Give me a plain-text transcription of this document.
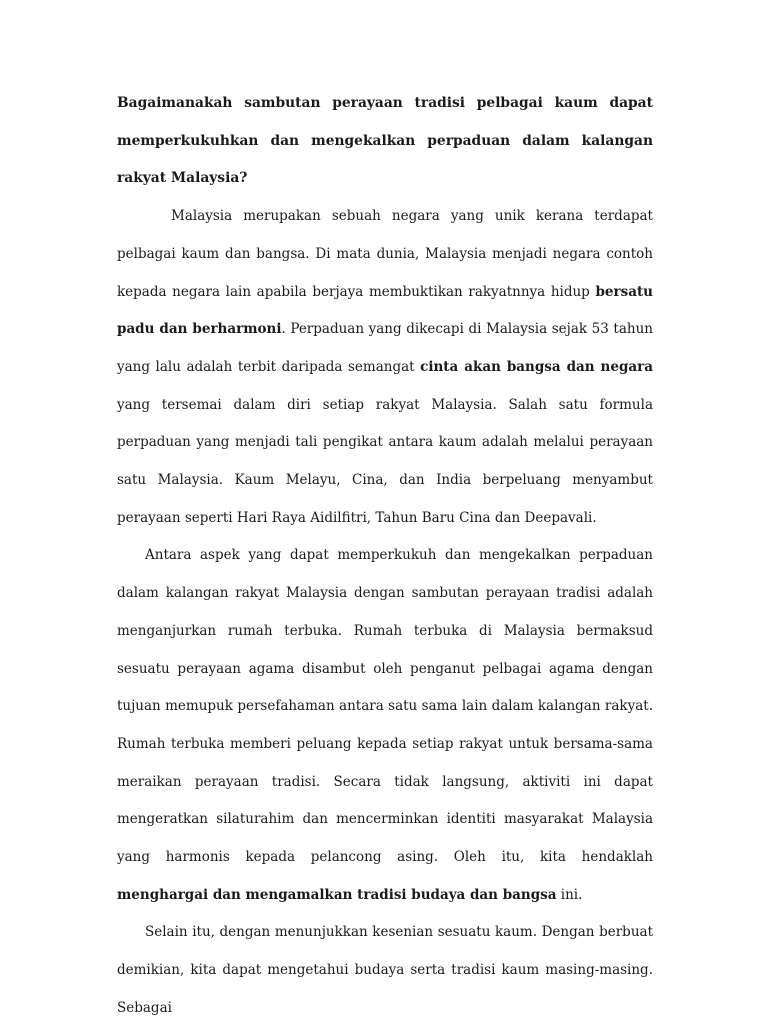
Bagaimanakah sambutan perayaan tradisi pelbagai kaum dapat memperkukuhkan dan mengekalkan perpaduan dalam kalangan rakyat Malaysia?

Malaysia merupakan sebuah negara yang unik kerana terdapat pelbagai kaum dan bangsa. Di mata dunia, Malaysia menjadi negara contoh kepada negara lain apabila berjaya membuktikan rakyatnnya hidup bersatu padu dan berharmoni. Perpaduan yang dikecapi di Malaysia sejak 53 tahun yang lalu adalah terbit daripada semangat cinta akan bangsa dan negara yang tersemai dalam diri setiap rakyat Malaysia. Salah satu formula perpaduan yang menjadi tali pengikat antara kaum adalah melalui perayaan satu Malaysia. Kaum Melayu, Cina, dan India berpeluang menyambut perayaan seperti Hari Raya Aidilfitri, Tahun Baru Cina dan Deepavali.

Antara aspek yang dapat memperkukuh dan mengekalkan perpaduan dalam kalangan rakyat Malaysia dengan sambutan perayaan tradisi adalah menganjurkan rumah terbuka. Rumah terbuka di Malaysia bermaksud sesuatu perayaan agama disambut oleh penganut pelbagai agama dengan tujuan memupuk persefahaman antara satu sama lain dalam kalangan rakyat. Rumah terbuka memberi peluang kepada setiap rakyat untuk bersama-sama meraikan perayaan tradisi. Secara tidak langsung, aktiviti ini dapat mengeratkan silaturahim dan mencerminkan identiti masyarakat Malaysia yang harmonis kepada pelancong asing. Oleh itu, kita hendaklah menghargai dan mengamalkan tradisi budaya dan bangsa ini.

Selain itu, dengan menunjukkan kesenian sesuatu kaum. Dengan berbuat demikian, kita dapat mengetahui budaya serta tradisi kaum masing-masing. Sebagai
